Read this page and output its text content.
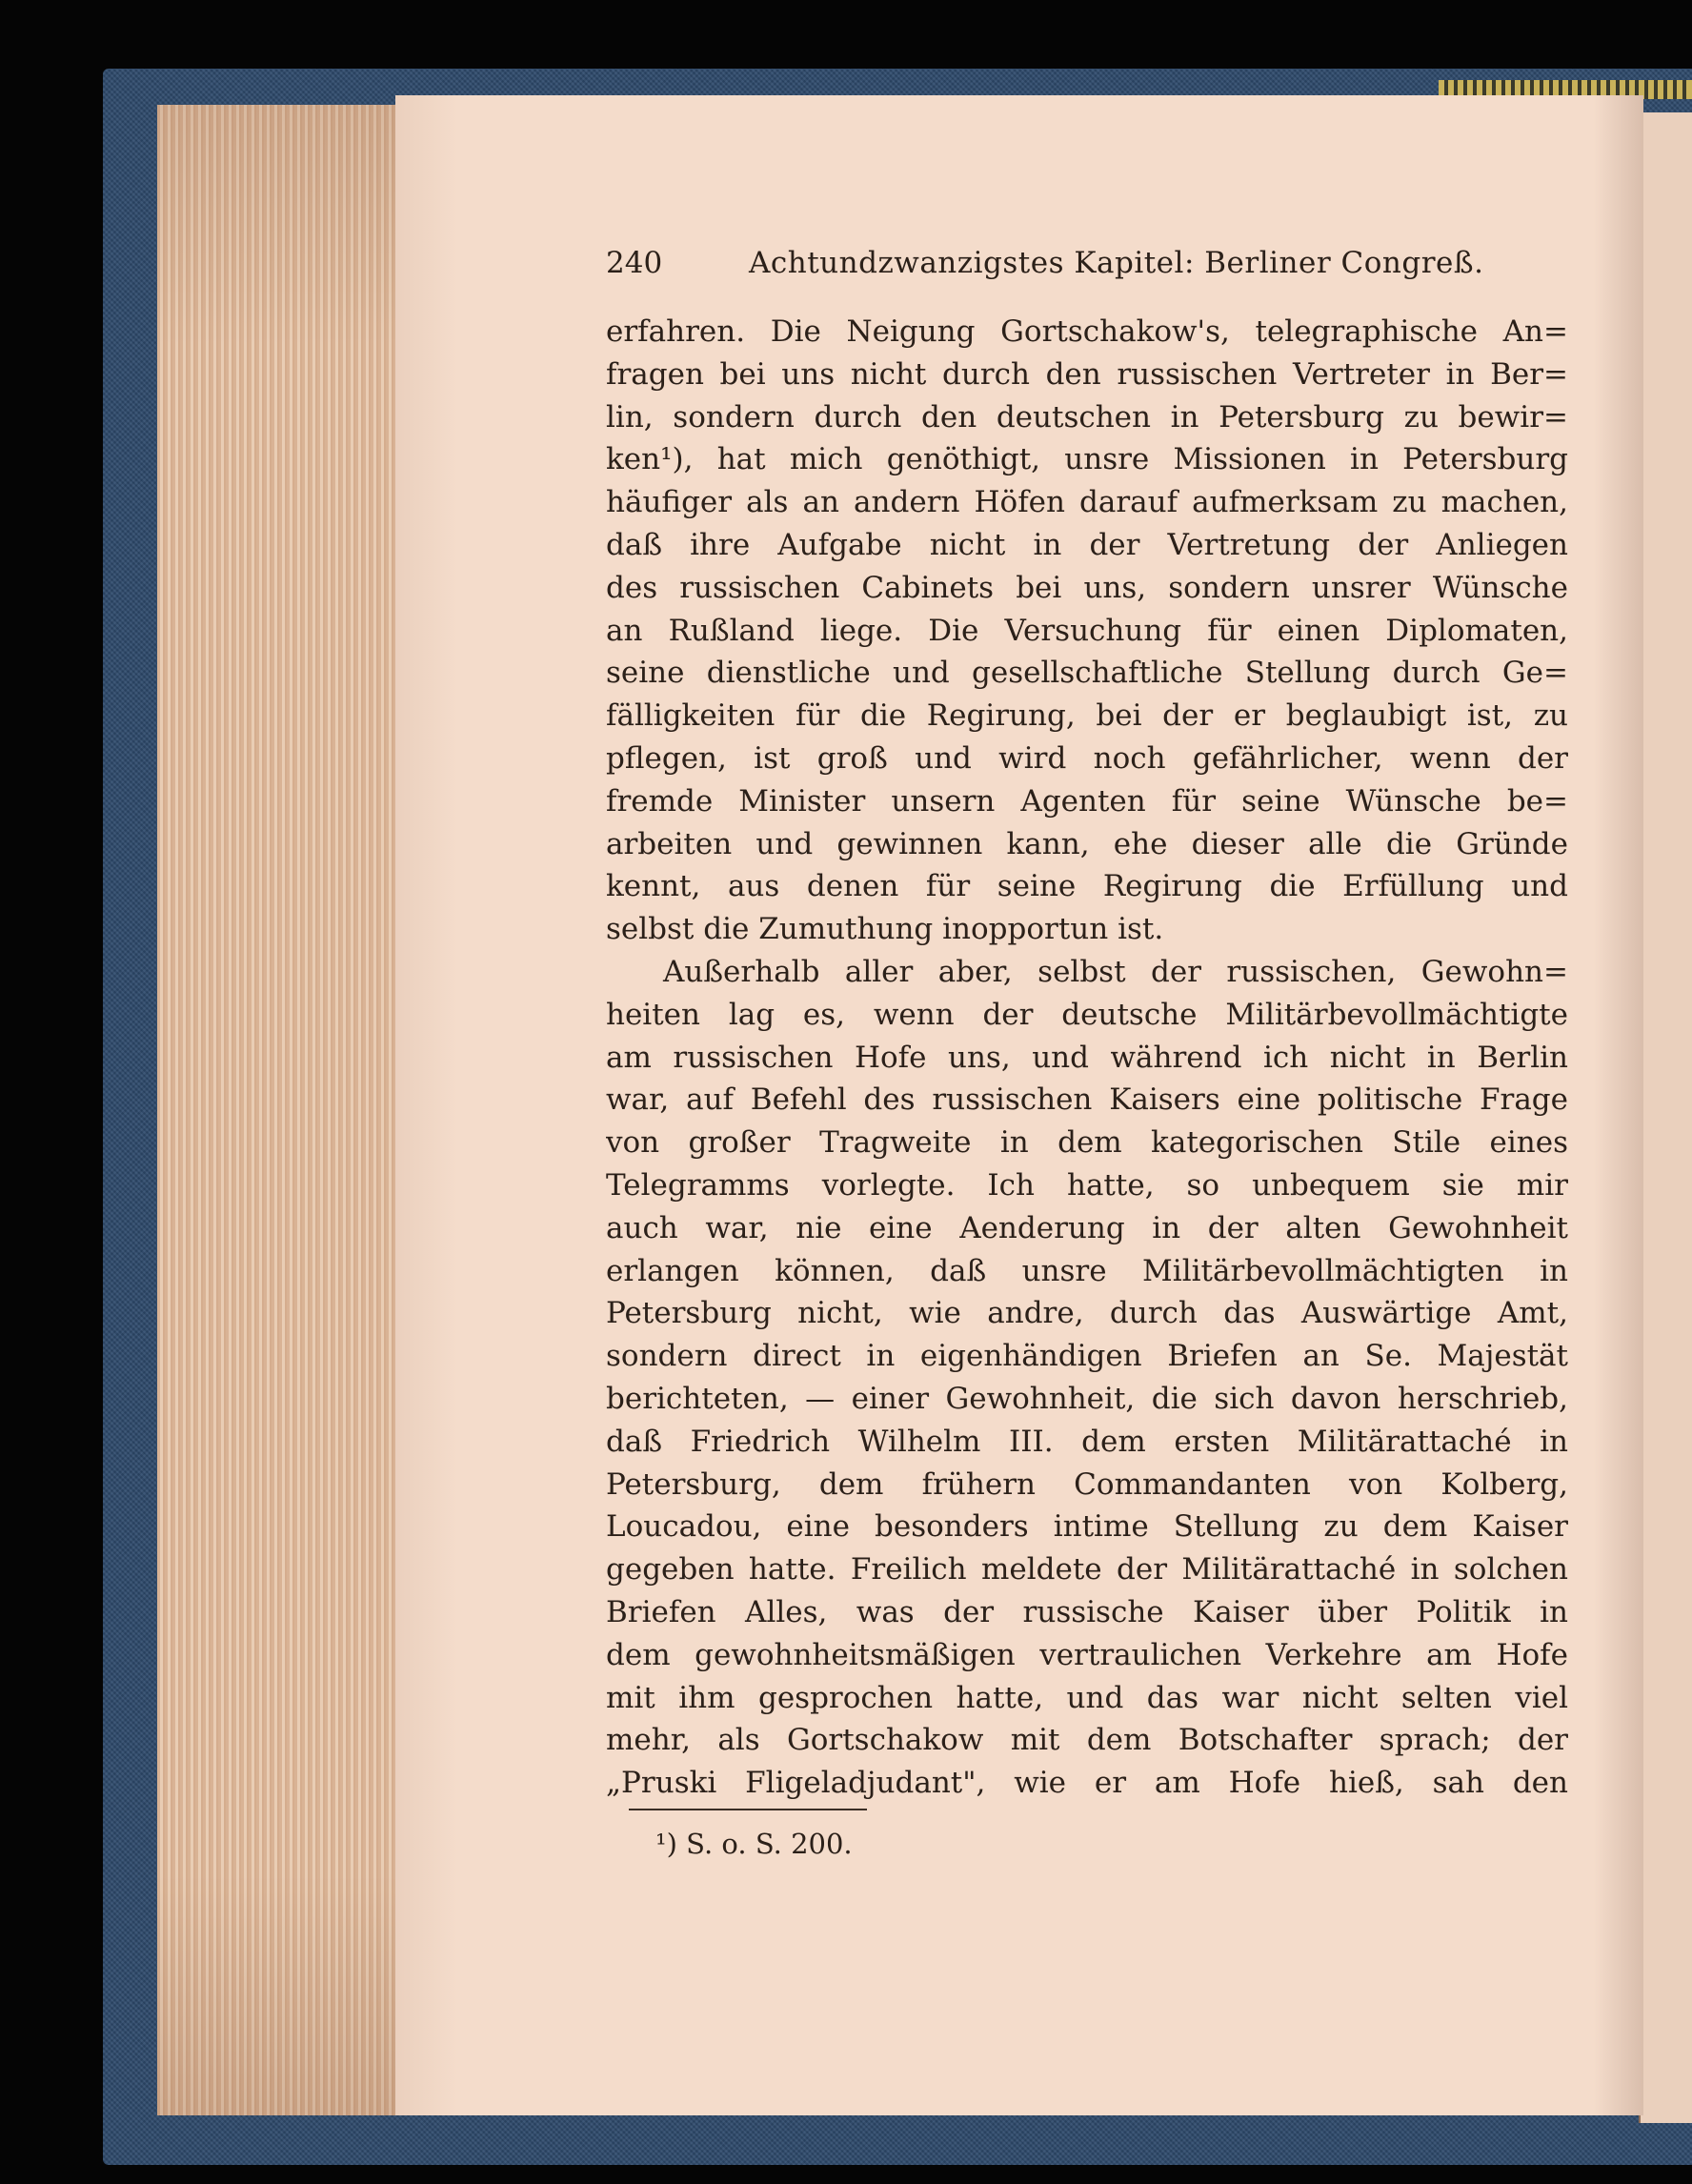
240	Achtundzwanzigstes Kapitel: Berliner Congreß.
erfahren. Die Neigung Gortschakow's, telegraphische An=
fragen bei uns nicht durch den russischen Vertreter in Ber=
lin, sondern durch den deutschen in Petersburg zu bewir=
ken¹), hat mich genöthigt, unsre Missionen in Petersburg
häufiger als an andern Höfen darauf aufmerksam zu machen,
daß ihre Aufgabe nicht in der Vertretung der Anliegen
des russischen Cabinets bei uns, sondern unsrer Wünsche
an Rußland liege. Die Versuchung für einen Diplomaten,
seine dienstliche und gesellschaftliche Stellung durch Ge=
fälligkeiten für die Regirung, bei der er beglaubigt ist, zu
pflegen, ist groß und wird noch gefährlicher, wenn der
fremde Minister unsern Agenten für seine Wünsche be=
arbeiten und gewinnen kann, ehe dieser alle die Gründe
kennt, aus denen für seine Regirung die Erfüllung und
selbst die Zumuthung inopportun ist.
Außerhalb aller aber, selbst der russischen, Gewohn=
heiten lag es, wenn der deutsche Militärbevollmächtigte
am russischen Hofe uns, und während ich nicht in Berlin
war, auf Befehl des russischen Kaisers eine politische Frage
von großer Tragweite in dem kategorischen Stile eines
Telegramms vorlegte. Ich hatte, so unbequem sie mir
auch war, nie eine Aenderung in der alten Gewohnheit
erlangen können, daß unsre Militärbevollmächtigten in
Petersburg nicht, wie andre, durch das Auswärtige Amt,
sondern direct in eigenhändigen Briefen an Se. Majestät
berichteten, — einer Gewohnheit, die sich davon herschrieb,
daß Friedrich Wilhelm III. dem ersten Militärattaché in
Petersburg, dem frühern Commandanten von Kolberg,
Loucadou, eine besonders intime Stellung zu dem Kaiser
gegeben hatte. Freilich meldete der Militärattaché in solchen
Briefen Alles, was der russische Kaiser über Politik in
dem gewohnheitsmäßigen vertraulichen Verkehre am Hofe
mit ihm gesprochen hatte, und das war nicht selten viel
mehr, als Gortschakow mit dem Botschafter sprach; der
„Pruski Fligeladjudant", wie er am Hofe hieß, sah den
¹) S. o. S. 200.
